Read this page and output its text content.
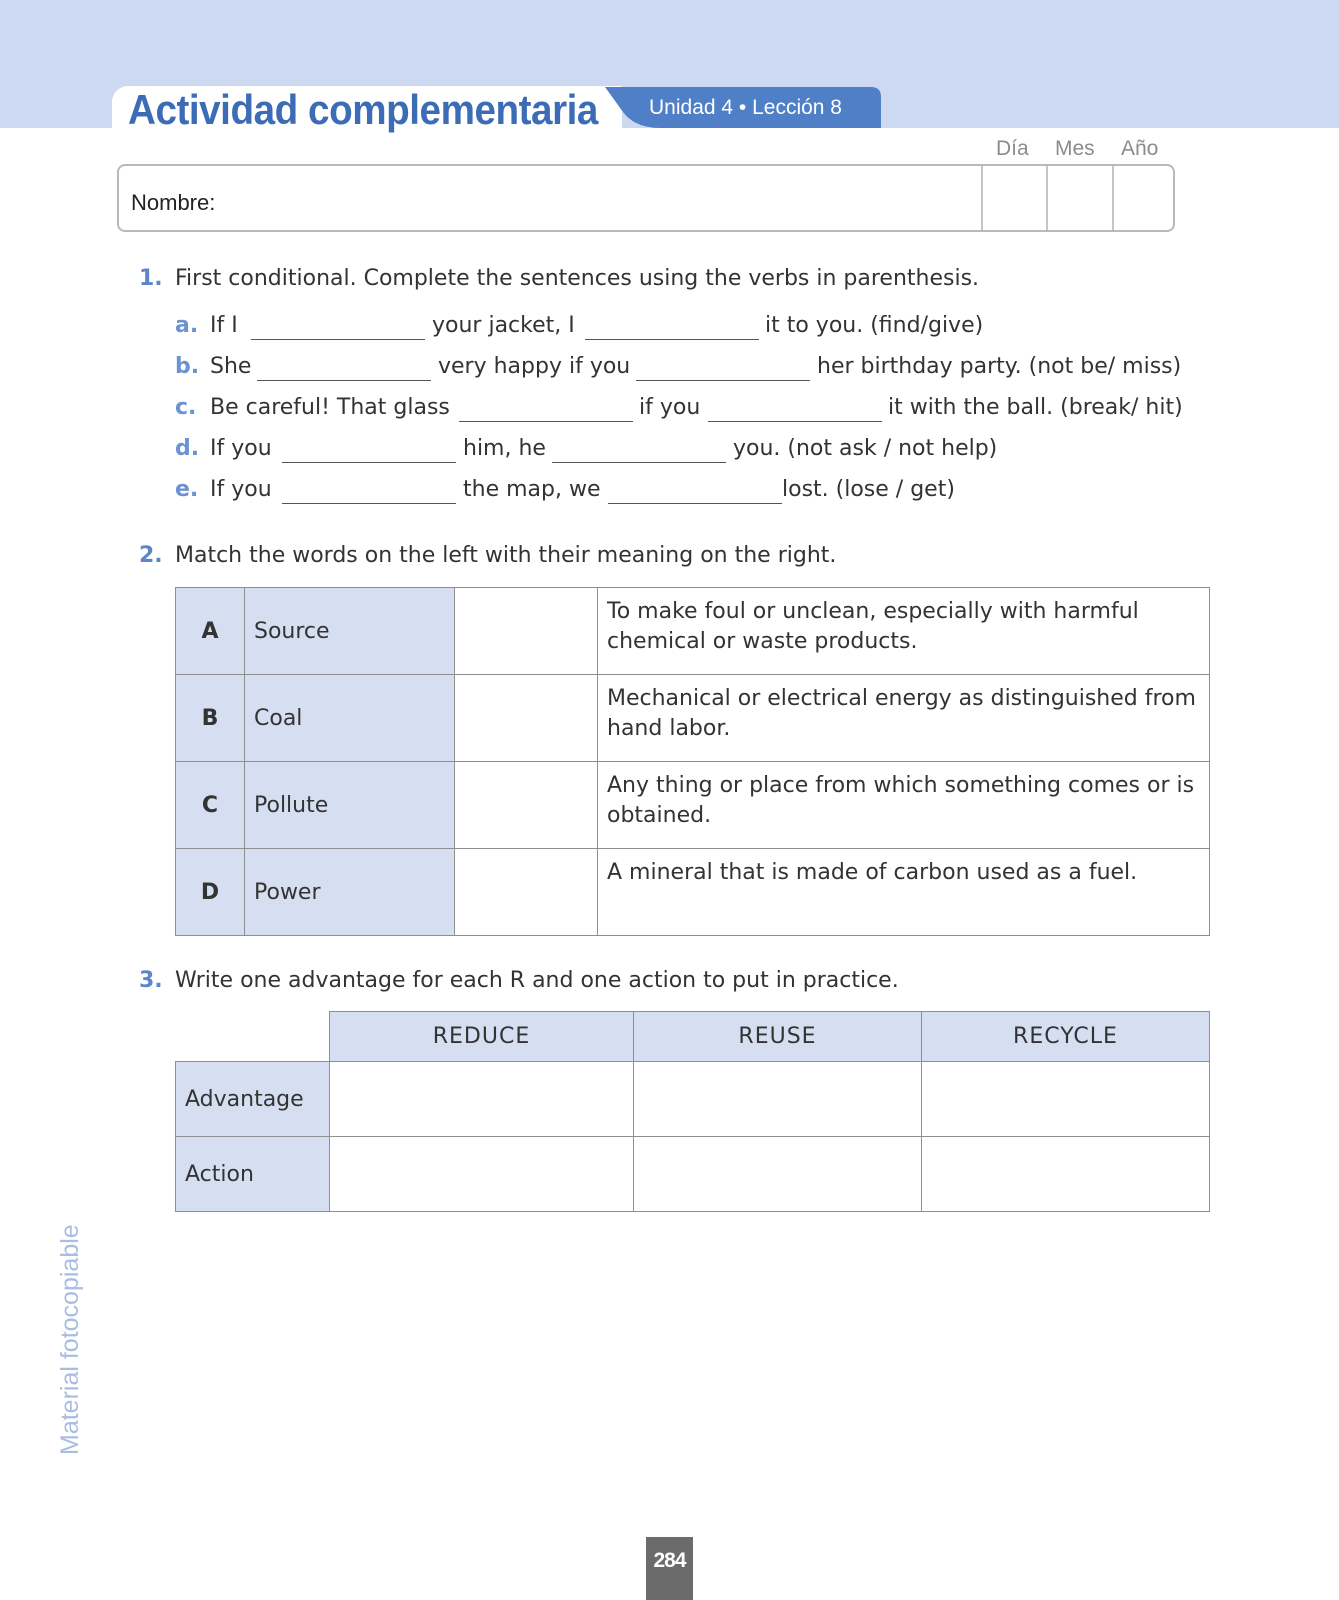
Actividad complementaria Unidad 4 • Lección 8
Día Mes Año
Nombre:
1. First conditional. Complete the sentences using the verbs in parenthesis.
a. If I	your jacket, I	it to you. (find/give)
b. She	very happy if you	her birthday party. (not be/ miss)
c. Be careful! That glass	if you	it with the ball. (break/ hit)
d. If you	him, he	you. (not ask / not help)
e. If you	the map, we	lost. (lose / get)
2. Match the words on the left with their meaning on the right.
A	Source		To make foul or unclean, especially with harmful chemical or waste products.
B	Coal		Mechanical or electrical energy as distinguished from hand labor.
C	Pollute		Any thing or place from which something comes or is obtained.
D	Power		A mineral that is made of carbon used as a fuel.
3. Write one advantage for each R and one action to put in practice.
	REDUCE	REUSE	RECYCLE
Advantage			
Action			
Material fotocopiable
284
